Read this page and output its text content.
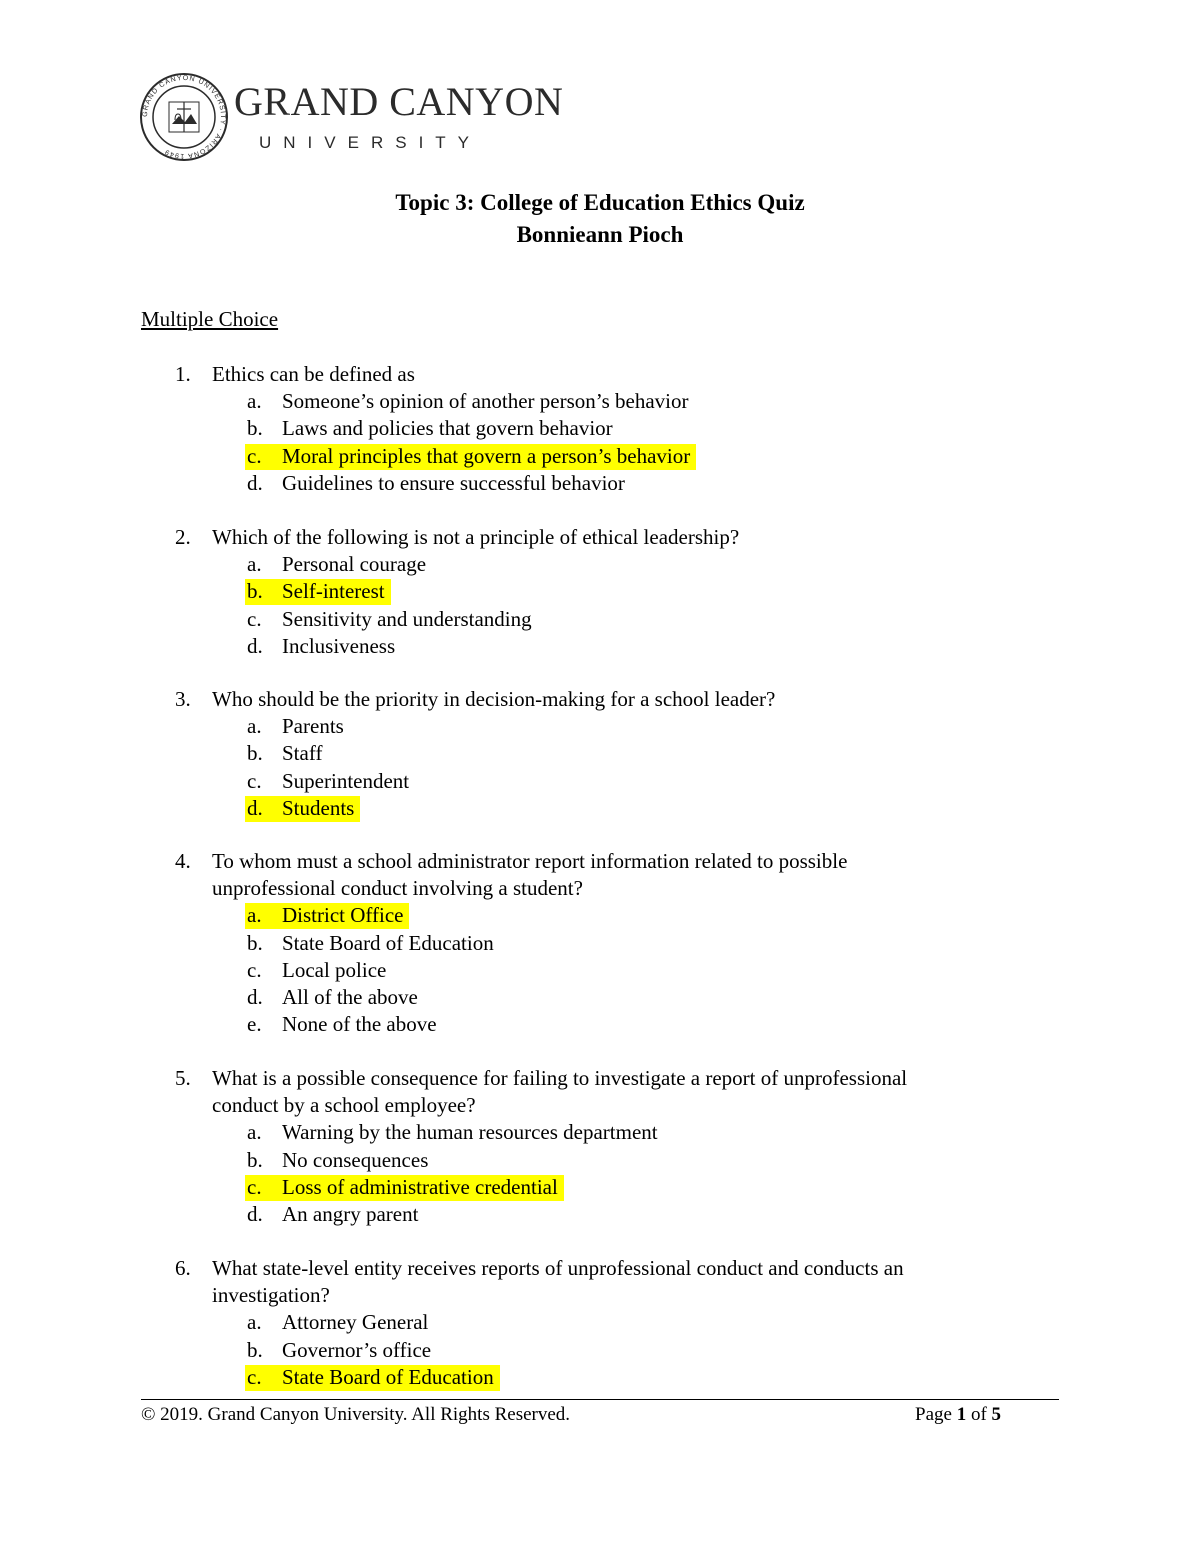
GRAND CANYON UNIVERSITY · ARIZONA 1949
GRAND CANYON
UNIVERSITY
Topic 3: College of Education Ethics Quiz
Bonnieann Pioch
Multiple Choice
1. Ethics can be defined as
a. Someone’s opinion of another person’s behavior
b. Laws and policies that govern behavior
c. Moral principles that govern a person’s behavior
d. Guidelines to ensure successful behavior
2. Which of the following is not a principle of ethical leadership?
a. Personal courage
b. Self-interest
c. Sensitivity and understanding
d. Inclusiveness
3. Who should be the priority in decision-making for a school leader?
a. Parents
b. Staff
c. Superintendent
d. Students
4. To whom must a school administrator report information related to possible
unprofessional conduct involving a student?
a. District Office
b. State Board of Education
c. Local police
d. All of the above
e. None of the above
5. What is a possible consequence for failing to investigate a report of unprofessional
conduct by a school employee?
a. Warning by the human resources department
b. No consequences
c. Loss of administrative credential
d. An angry parent
6. What state-level entity receives reports of unprofessional conduct and conducts an
investigation?
a. Attorney General
b. Governor’s office
c. State Board of Education
© 2019. Grand Canyon University. All Rights Reserved.	Page 1 of 5
